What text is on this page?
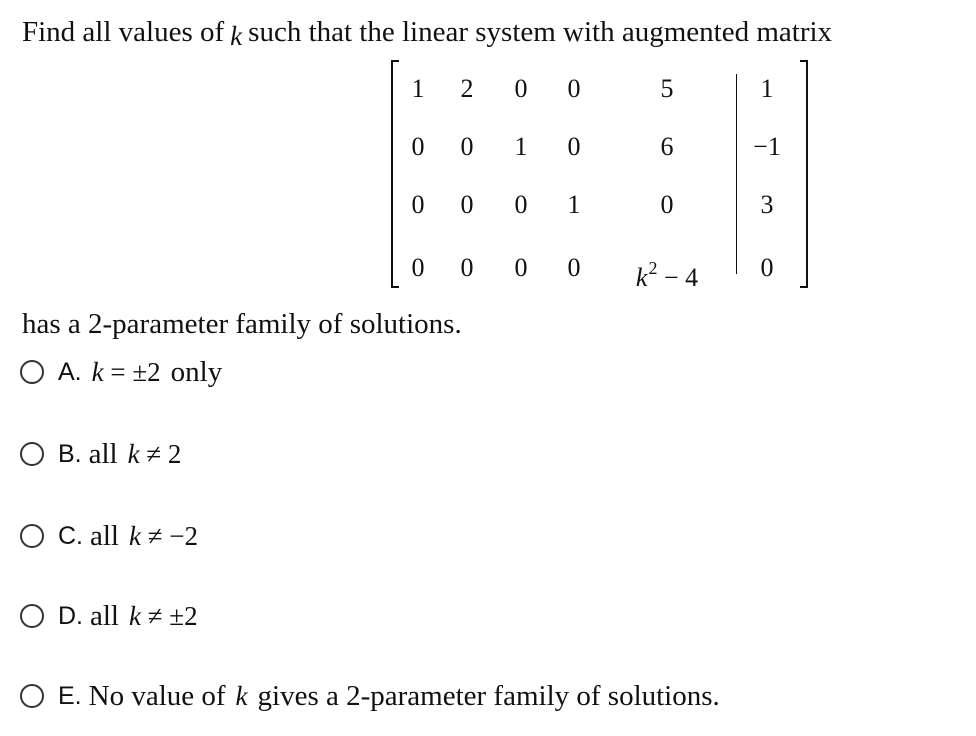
Find all values of k such that the linear system with augmented matrix
1	2	0	0	5	1
0	0	1	0	6	−1
0	0	0	1	0	3
0	0	0	0	$k^2 - 4$	0
has a 2-parameter family of solutions.
A. k = ±2 only
B. all k ≠ 2
C. all k ≠ −2
D. all k ≠ ±2
E. No value of k gives a 2-parameter family of solutions.
